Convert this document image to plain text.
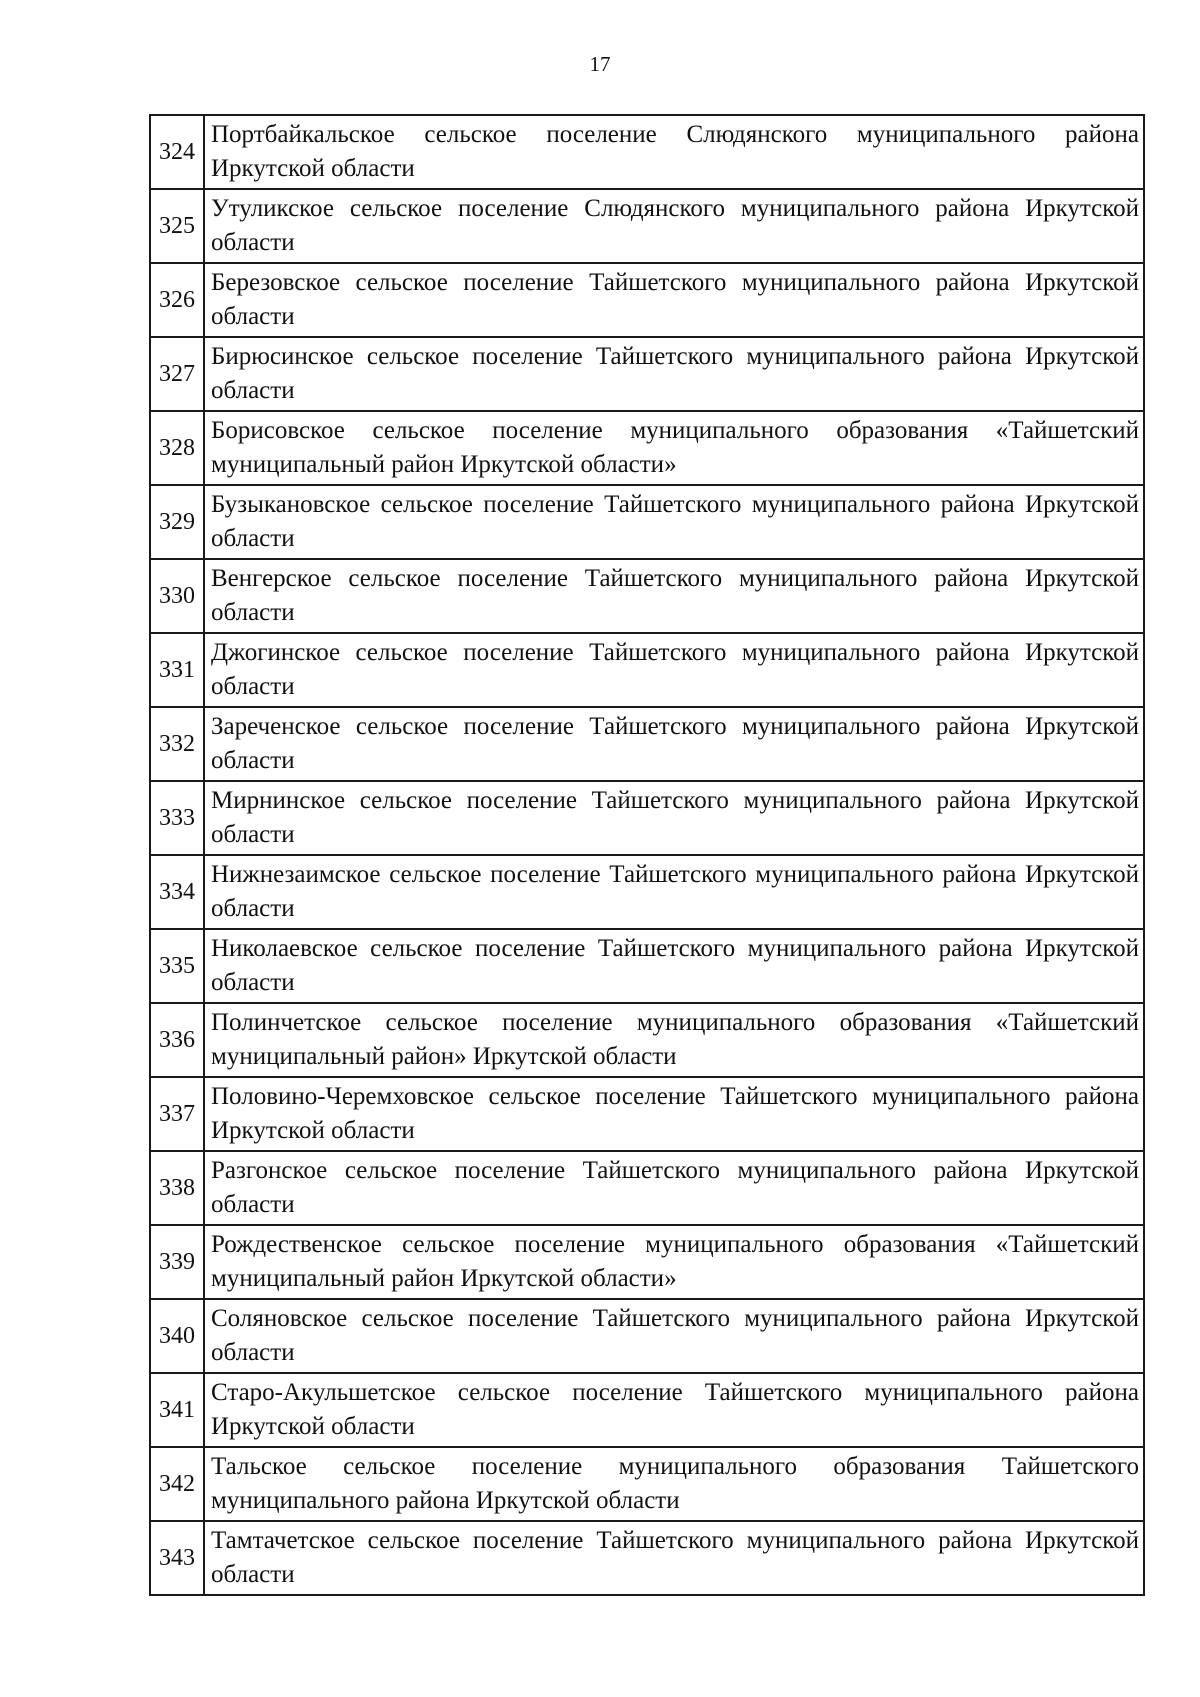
17
324	Портбайкальское сельское поселение Слюдянского муниципального района Иркутской области
325	Утуликское сельское поселение Слюдянского муниципального района Иркутской области
326	Березовское сельское поселение Тайшетского муниципального района Иркутской области
327	Бирюсинское сельское поселение Тайшетского муниципального района Иркутской области
328	Борисовское сельское поселение муниципального образования «Тайшетский муниципальный район Иркутской области»
329	Бузыкановское сельское поселение Тайшетского муниципального района Иркутской области
330	Венгерское сельское поселение Тайшетского муниципального района Иркутской области
331	Джогинское сельское поселение Тайшетского муниципального района Иркутской области
332	Зареченское сельское поселение Тайшетского муниципального района Иркутской области
333	Мирнинское сельское поселение Тайшетского муниципального района Иркутской области
334	Нижнезаимское сельское поселение Тайшетского муниципального района Иркутской области
335	Николаевское сельское поселение Тайшетского муниципального района Иркутской области
336	Полинчетское сельское поселение муниципального образования «Тайшетский муниципальный район» Иркутской области
337	Половино-Черемховское сельское поселение Тайшетского муниципального района Иркутской области
338	Разгонское сельское поселение Тайшетского муниципального района Иркутской области
339	Рождественское сельское поселение муниципального образования «Тайшетский муниципальный район Иркутской области»
340	Соляновское сельское поселение Тайшетского муниципального района Иркутской области
341	Старо-Акульшетское сельское поселение Тайшетского муниципального района Иркутской области
342	Тальское сельское поселение муниципального образования Тайшетского муниципального района Иркутской области
343	Тамтачетское сельское поселение Тайшетского муниципального района Иркутской области
